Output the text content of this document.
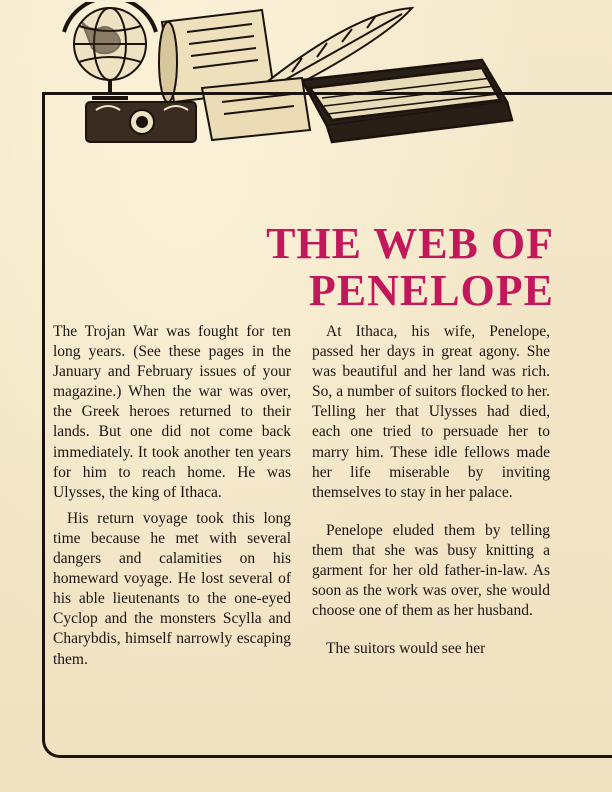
THE WEB OF
PENELOPE

The Trojan War was fought for ten long years. (See these pages in the January and February issues of your magazine.) When the war was over, the Greek heroes returned to their lands. But one did not come back immediately. It took another ten years for him to reach home. He was Ulysses, the king of Ithaca.

His return voyage took this long time because he met with several dangers and calamities on his homeward voyage. He lost several of his able lieutenants to the one-eyed Cyclop and the monsters Scylla and Charybdis, himself narrowly escaping them.

At Ithaca, his wife, Penelope, passed her days in great agony. She was beautiful and her land was rich. So, a number of suitors flocked to her. Telling her that Ulysses had died, each one tried to persuade her to marry him. These idle fellows made her life miserable by inviting themselves to stay in her palace.

Penelope eluded them by telling them that she was busy knitting a garment for her old father-in-law. As soon as the work was over, she would choose one of them as her husband.

The suitors would see her
